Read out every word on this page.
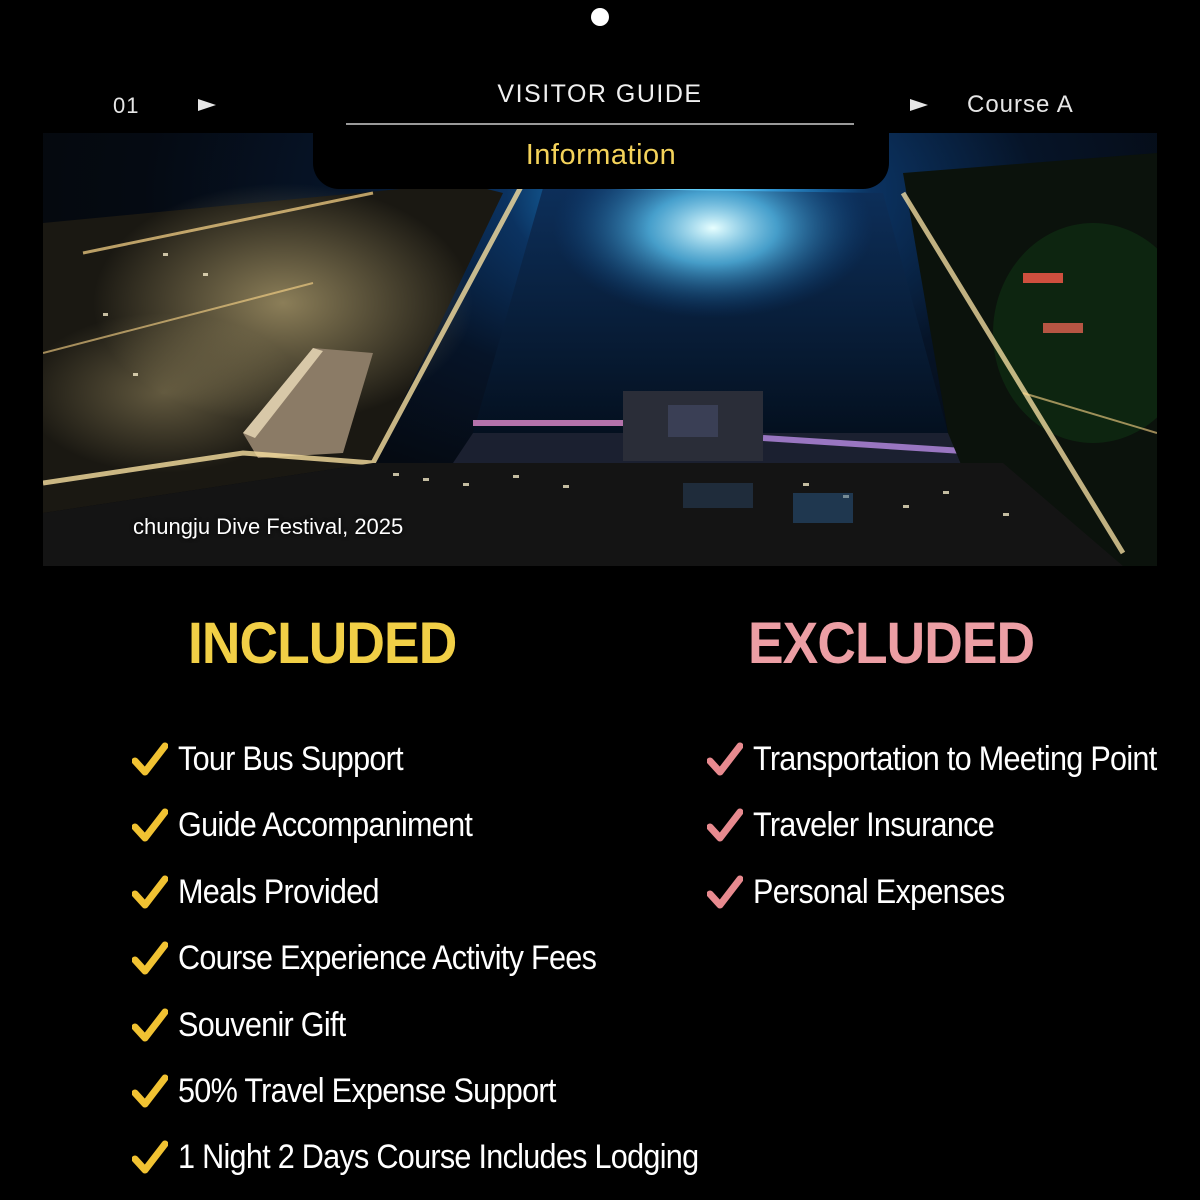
01	VISITOR GUIDE	Course A
Information
chungju Dive Festival, 2025
INCLUDED	EXCLUDED
Tour Bus Support
Guide Accompaniment
Meals Provided
Course Experience Activity Fees
Souvenir Gift
50% Travel Expense Support
1 Night 2 Days Course Includes Lodging
Transportation to Meeting Point
Traveler Insurance
Personal Expenses
